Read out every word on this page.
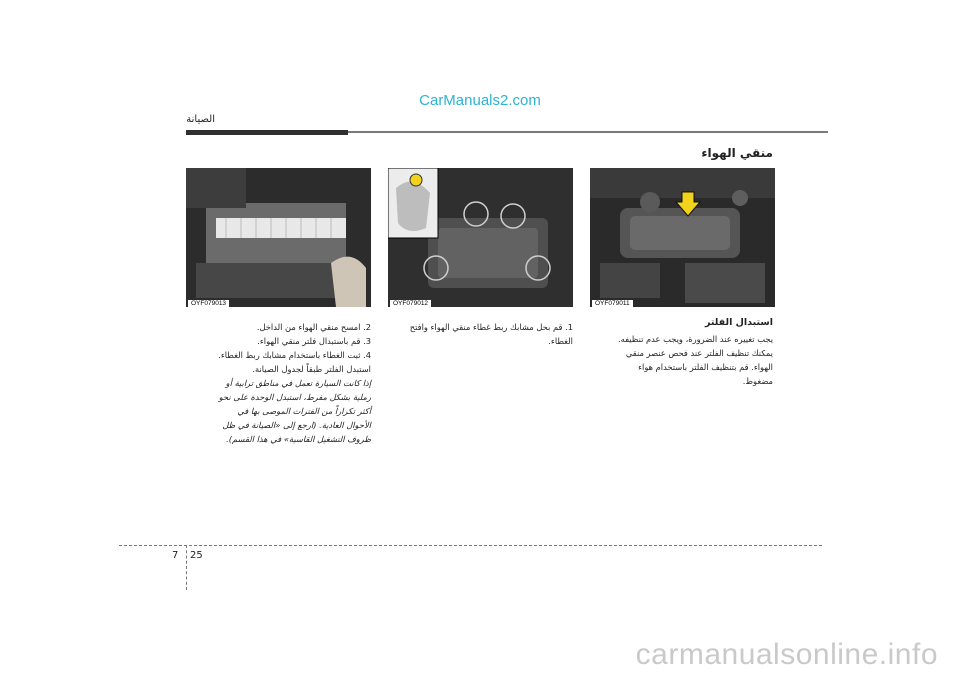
CarManuals2.com
الصيانة
منقي الهواء
OYF079011
OYF079012
OYF079013

استبدال الفلتر

يجب تغييره عند الضرورة، ويجب عدم تنظيفه.

يمكنك تنظيف الفلتر عند فحص عنصر منقي

الهواء. قم بتنظيف الفلتر باستخدام هواء

مضغوط.

1. قم بحل مشابك ربط غطاء منقي الهواء وافتح

الغطاء.

2. امسح منقي الهواء من الداخل.

3. قم باستبدال فلتر منقي الهواء.

4. ثبت الغطاء باستخدام مشابك ربط الغطاء.

استبدل الفلتر طبقاً لجدول الصيانة.

إذا كانت السيارة تعمل في مناطق ترابية أو

رملية بشكل مفرط، استبدل الوحدة على نحو

أكثر تكراراً من الفترات الموصى بها في

الأحوال العادية. (ارجع إلى «الصيانة في ظل

ظروف التشغيل القاسية» في هذا القسم).

7 25
carmanualsonline.info
